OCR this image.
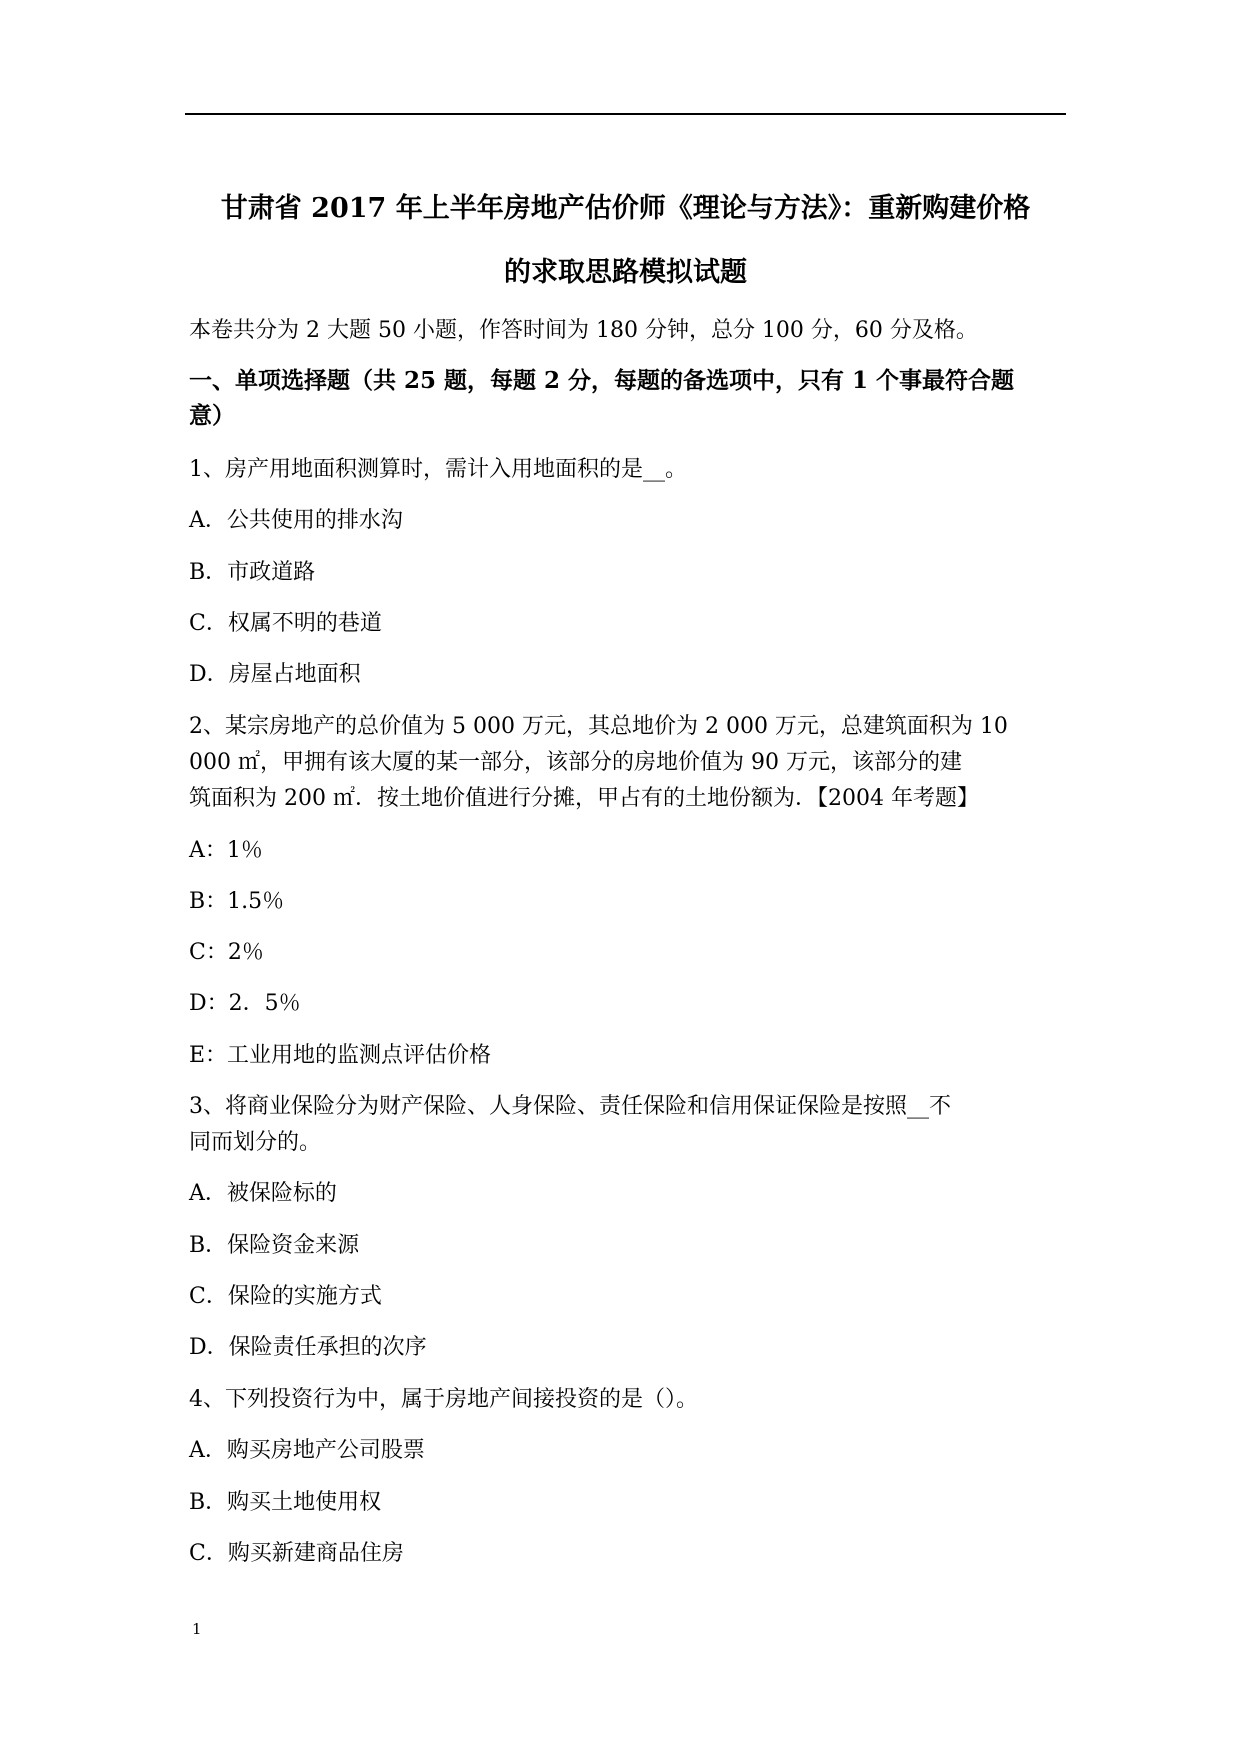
甘肃省 2017 年上半年房地产估价师《理论与方法》：重新购建价格
的求取思路模拟试题

本卷共分为 2 大题 50 小题，作答时间为 180 分钟，总分 100 分，60 分及格。

一、单项选择题（共 25 题，每题 2 分，每题的备选项中，只有 1 个事最符合题

意）

1、房产用地面积测算时，需计入用地面积的是__。

A．公共使用的排水沟

B．市政道路

C．权属不明的巷道

D．房屋占地面积

2、某宗房地产的总价值为 5 000 万元，其总地价为 2 000 万元，总建筑面积为 10

000 ㎡，甲拥有该大厦的某一部分，该部分的房地价值为 90 万元，该部分的建

筑面积为 200 ㎡．按土地价值进行分摊，甲占有的土地份额为．【2004 年考题】

A：1％

B：1.5％

C：2％

D：2．5％

E：工业用地的监测点评估价格

3、将商业保险分为财产保险、人身保险、责任保险和信用保证保险是按照__不

同而划分的。

A．被保险标的

B．保险资金来源

C．保险的实施方式

D．保险责任承担的次序

4、下列投资行为中，属于房地产间接投资的是（）。

A．购买房地产公司股票

B．购买土地使用权

C．购买新建商品住房

1
